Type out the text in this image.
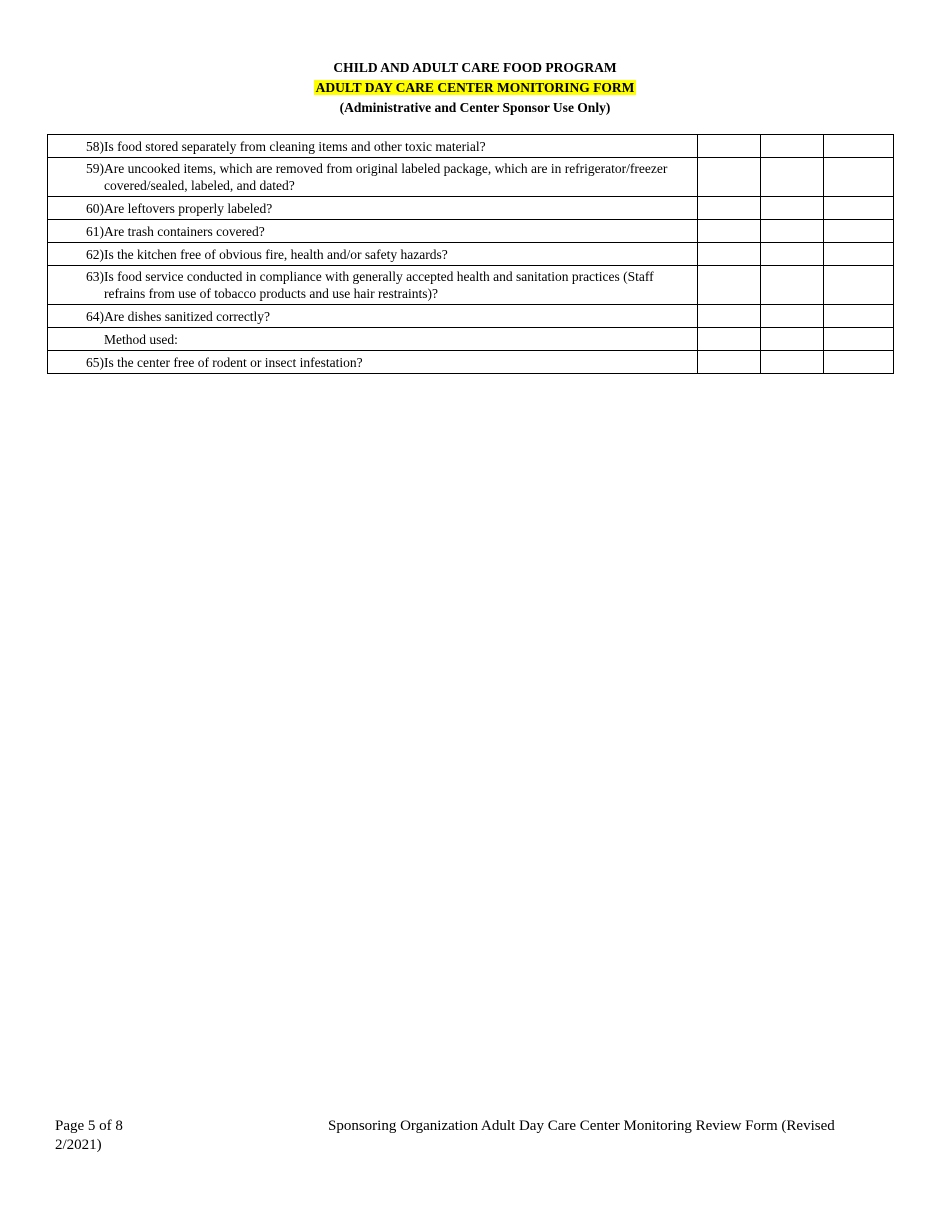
CHILD AND ADULT CARE FOOD PROGRAM
ADULT DAY CARE CENTER MONITORING FORM
(Administrative and Center Sponsor Use Only)
58) Is food stored separately from cleaning items and other toxic material?			

59) Are uncooked items, which are removed from original labeled package, which are in refrigerator/freezer covered/sealed, labeled, and dated?			

60) Are leftovers properly labeled?			

61) Are trash containers covered?			

62) Is the kitchen free of obvious fire, health and/or safety hazards?			

63) Is food service conducted in compliance with generally accepted health and sanitation practices (Staff refrains from use of tobacco products and use hair restraints)?			

64) Are dishes sanitized correctly?			

Method used:			

65) Is the center free of rodent or insect infestation?			

Page 5 of 8	Sponsoring Organization Adult Day Care Center Monitoring Review Form (Revised
2/2021)
